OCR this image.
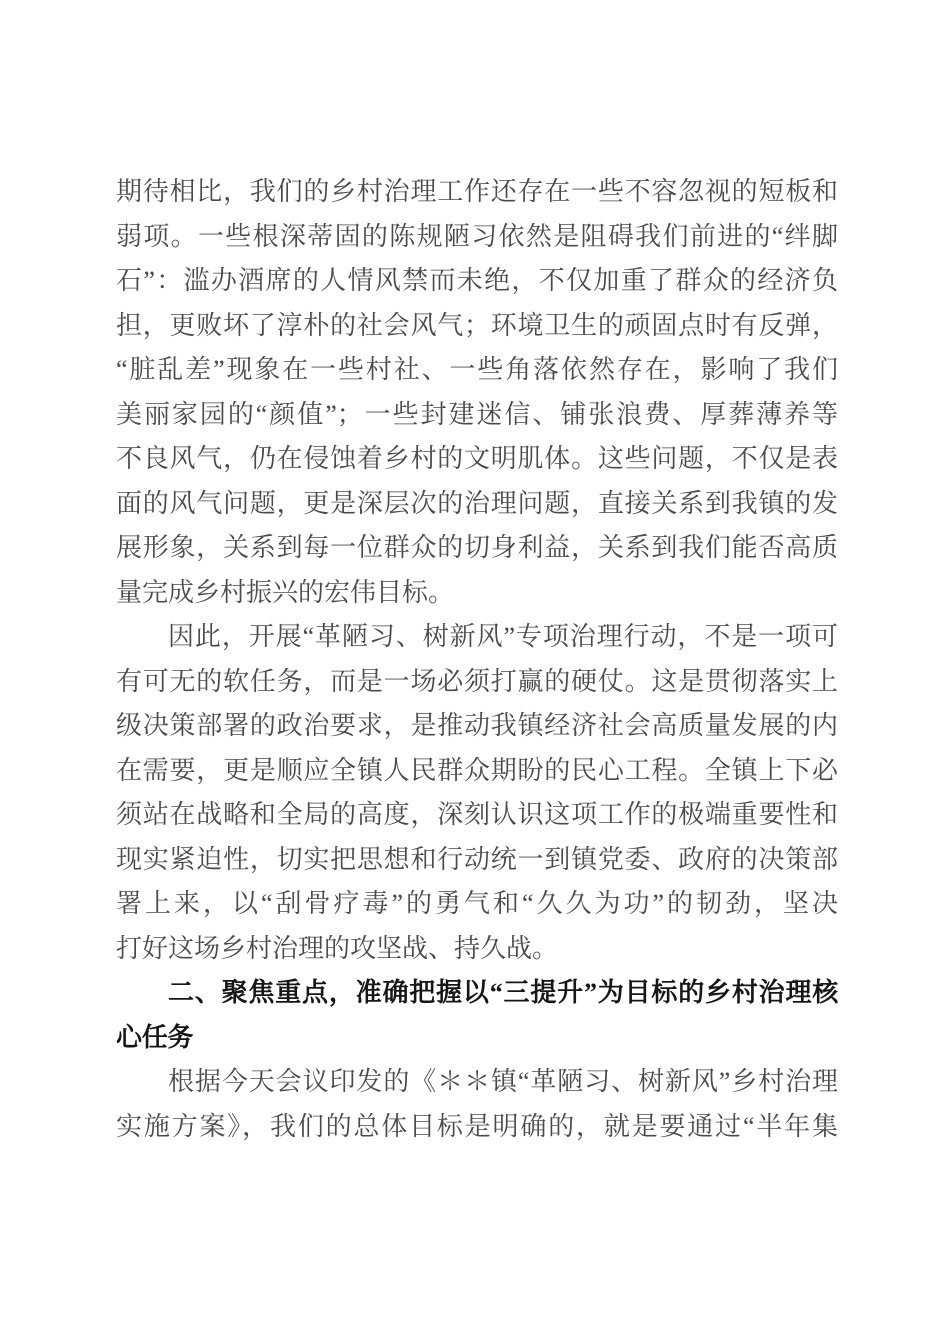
期待相比，我们的乡村治理工作还存在一些不容忽视的短板和
弱项。一些根深蒂固的陈规陋习依然是阻碍我们前进的“绊脚
石”：滥办酒席的人情风禁而未绝，不仅加重了群众的经济负
担，更败坏了淳朴的社会风气；环境卫生的顽固点时有反弹，
“脏乱差”现象在一些村社、一些角落依然存在，影响了我们
美丽家园的“颜值”；一些封建迷信、铺张浪费、厚葬薄养等
不良风气，仍在侵蚀着乡村的文明肌体。这些问题，不仅是表
面的风气问题，更是深层次的治理问题，直接关系到我镇的发
展形象，关系到每一位群众的切身利益，关系到我们能否高质
量完成乡村振兴的宏伟目标。
因此，开展“革陋习、树新风”专项治理行动，不是一项可
有可无的软任务，而是一场必须打赢的硬仗。这是贯彻落实上
级决策部署的政治要求，是推动我镇经济社会高质量发展的内
在需要，更是顺应全镇人民群众期盼的民心工程。全镇上下必
须站在战略和全局的高度，深刻认识这项工作的极端重要性和
现实紧迫性，切实把思想和行动统一到镇党委、政府的决策部
署上来，以“刮骨疗毒”的勇气和“久久为功”的韧劲，坚决
打好这场乡村治理的攻坚战、持久战。
二、聚焦重点，准确把握以“三提升”为目标的乡村治理核
心任务
根据今天会议印发的《＊＊镇“革陋习、树新风”乡村治理
实施方案》，我们的总体目标是明确的，就是要通过“半年集
